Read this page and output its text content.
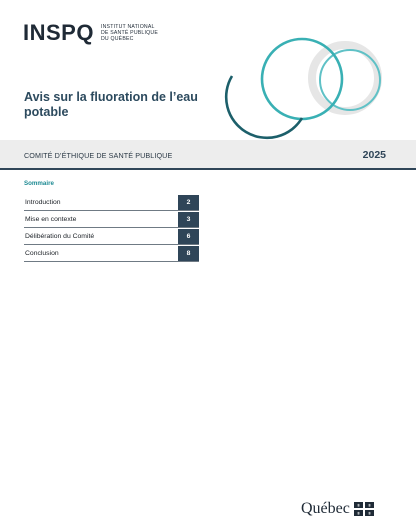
INSPQ INSTITUT NATIONAL
DE SANTÉ PUBLIQUE
DU QUÉBEC
Avis sur la fluoration de l’eau potable
COMITÉ D’ÉTHIQUE DE SANTÉ PUBLIQUE	2025
Sommaire
Introduction	2
Mise en contexte	3
Délibération du Comité	6
Conclusion	8
Québec ⚜ ⚜
⚜ ⚜
